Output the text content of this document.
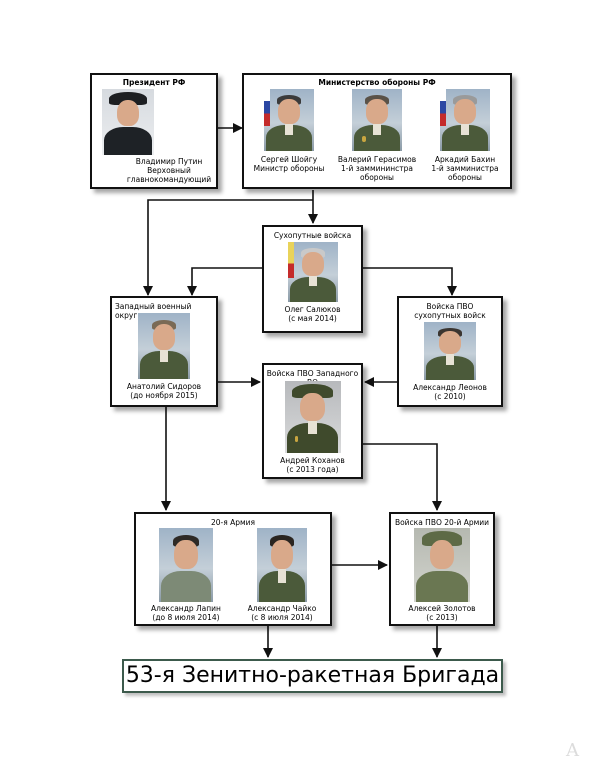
Президент РФ
Владимир Путин
Верховный
главнокомандующий
Министерство обороны РФ
Сергей Шойгу
Министр обороны
Валерий Герасимов
1-й заммининстра
обороны
Аркадий Бахин
1-й замминистра
обороны
Сухопутные войска
Олег Салюков
(с мая 2014)
Западный военный округ
Анатолий Сидоров
(до ноября 2015)
Войска ПВО сухопутных войск
Александр Леонов
(с 2010)
Войска ПВО Западного
Андрей Коханов
(с 2013 года)
20-я Армия
Александр Лапин
(до 8 июля 2014)
Александр Чайко
(с 8 июля 2014)
Войска ПВО 20-й Армии
Алексей Золотов
(с 2013)
53-я Зенитно-ракетная Бригада
A
